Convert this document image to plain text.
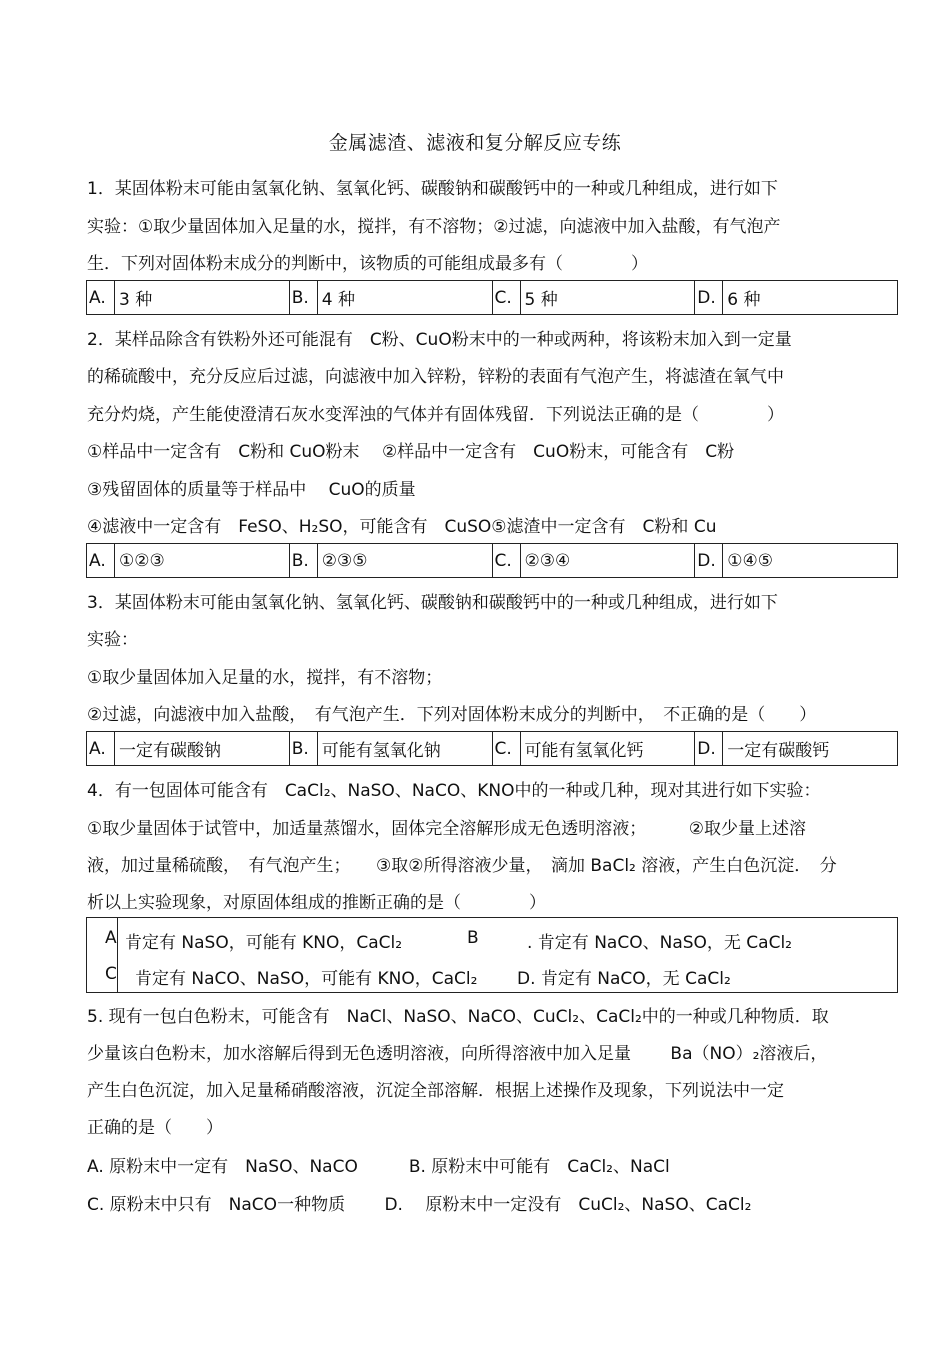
金属滤渣、滤液和复分解反应专练
1．某固体粉末可能由氢氧化钠、氢氧化钙、碳酸钠和碳酸钙中的一种或几种组成，进行如下
实验：①取少量固体加入足量的水，搅拌，有不溶物；②过滤，向滤液中加入盐酸，有气泡产
生．下列对固体粉末成分的判断中，该物质的可能组成最多有（　　　　）
A. 3 种	B. 4 种	C. 5 种	D. 6 种
2．某样品除含有铁粉外还可能混有　C粉、CuO粉末中的一种或两种，将该粉末加入到一定量
的稀硫酸中，充分反应后过滤，向滤液中加入锌粉，锌粉的表面有气泡产生，将滤渣在氧气中
充分灼烧，产生能使澄清石灰水变浑浊的气体并有固体残留．下列说法正确的是（　　　　）
①样品中一定含有　C粉和 CuO粉末　 ②样品中一定含有　CuO粉末，可能含有　C粉
③残留固体的质量等于样品中　 CuO的质量
④滤液中一定含有　FeSO、H₂SO，可能含有　CuSO⑤滤渣中一定含有　C粉和 Cu
A. ①②③	B. ②③⑤	C. ②③④	D. ①④⑤
3．某固体粉末可能由氢氧化钠、氢氧化钙、碳酸钠和碳酸钙中的一种或几种组成，进行如下
实验：
①取少量固体加入足量的水，搅拌，有不溶物；
②过滤，向滤液中加入盐酸，　有气泡产生．下列对固体粉末成分的判断中，　不正确的是（　　）
A. 一定有碳酸钠	B. 可能有氢氧化钠	C. 可能有氢氧化钙	D. 一定有碳酸钙
4．有一包固体可能含有　CaCl₂、NaSO、NaCO、KNO中的一种或几种，现对其进行如下实验：
①取少量固体于试管中，加适量蒸馏水，固体完全溶解形成无色透明溶液；　　　②取少量上述溶
液，加过量稀硫酸，　有气泡产生；　　③取②所得溶液少量，　滴加 BaCl₂ 溶液，产生白色沉淀．　分
析以上实验现象，对原固体组成的推断正确的是（　　　　）
A 肯定有 NaSO，可能有 KNO，CaCl₂	B	. 肯定有 NaCO、NaSO，无 CaCl₂
C 肯定有 NaCO、NaSO，可能有 KNO，CaCl₂ D. 肯定有 NaCO，无 CaCl₂
5. 现有一包白色粉末，可能含有　NaCl、NaSO、NaCO、CuCl₂、CaCl₂中的一种或几种物质．取
少量该白色粉末，加水溶解后得到无色透明溶液，向所得溶液中加入足量　　 Ba（NO）₂溶液后，
产生白色沉淀，加入足量稀硝酸溶液，沉淀全部溶解．根据上述操作及现象，下列说法中一定
正确的是（　　）
A. 原粉末中一定有　NaSO、NaCO　　　B. 原粉末中可能有　CaCl₂、NaCl
C. 原粉末中只有　NaCO一种物质　　 D.　 原粉末中一定没有　CuCl₂、NaSO、CaCl₂
